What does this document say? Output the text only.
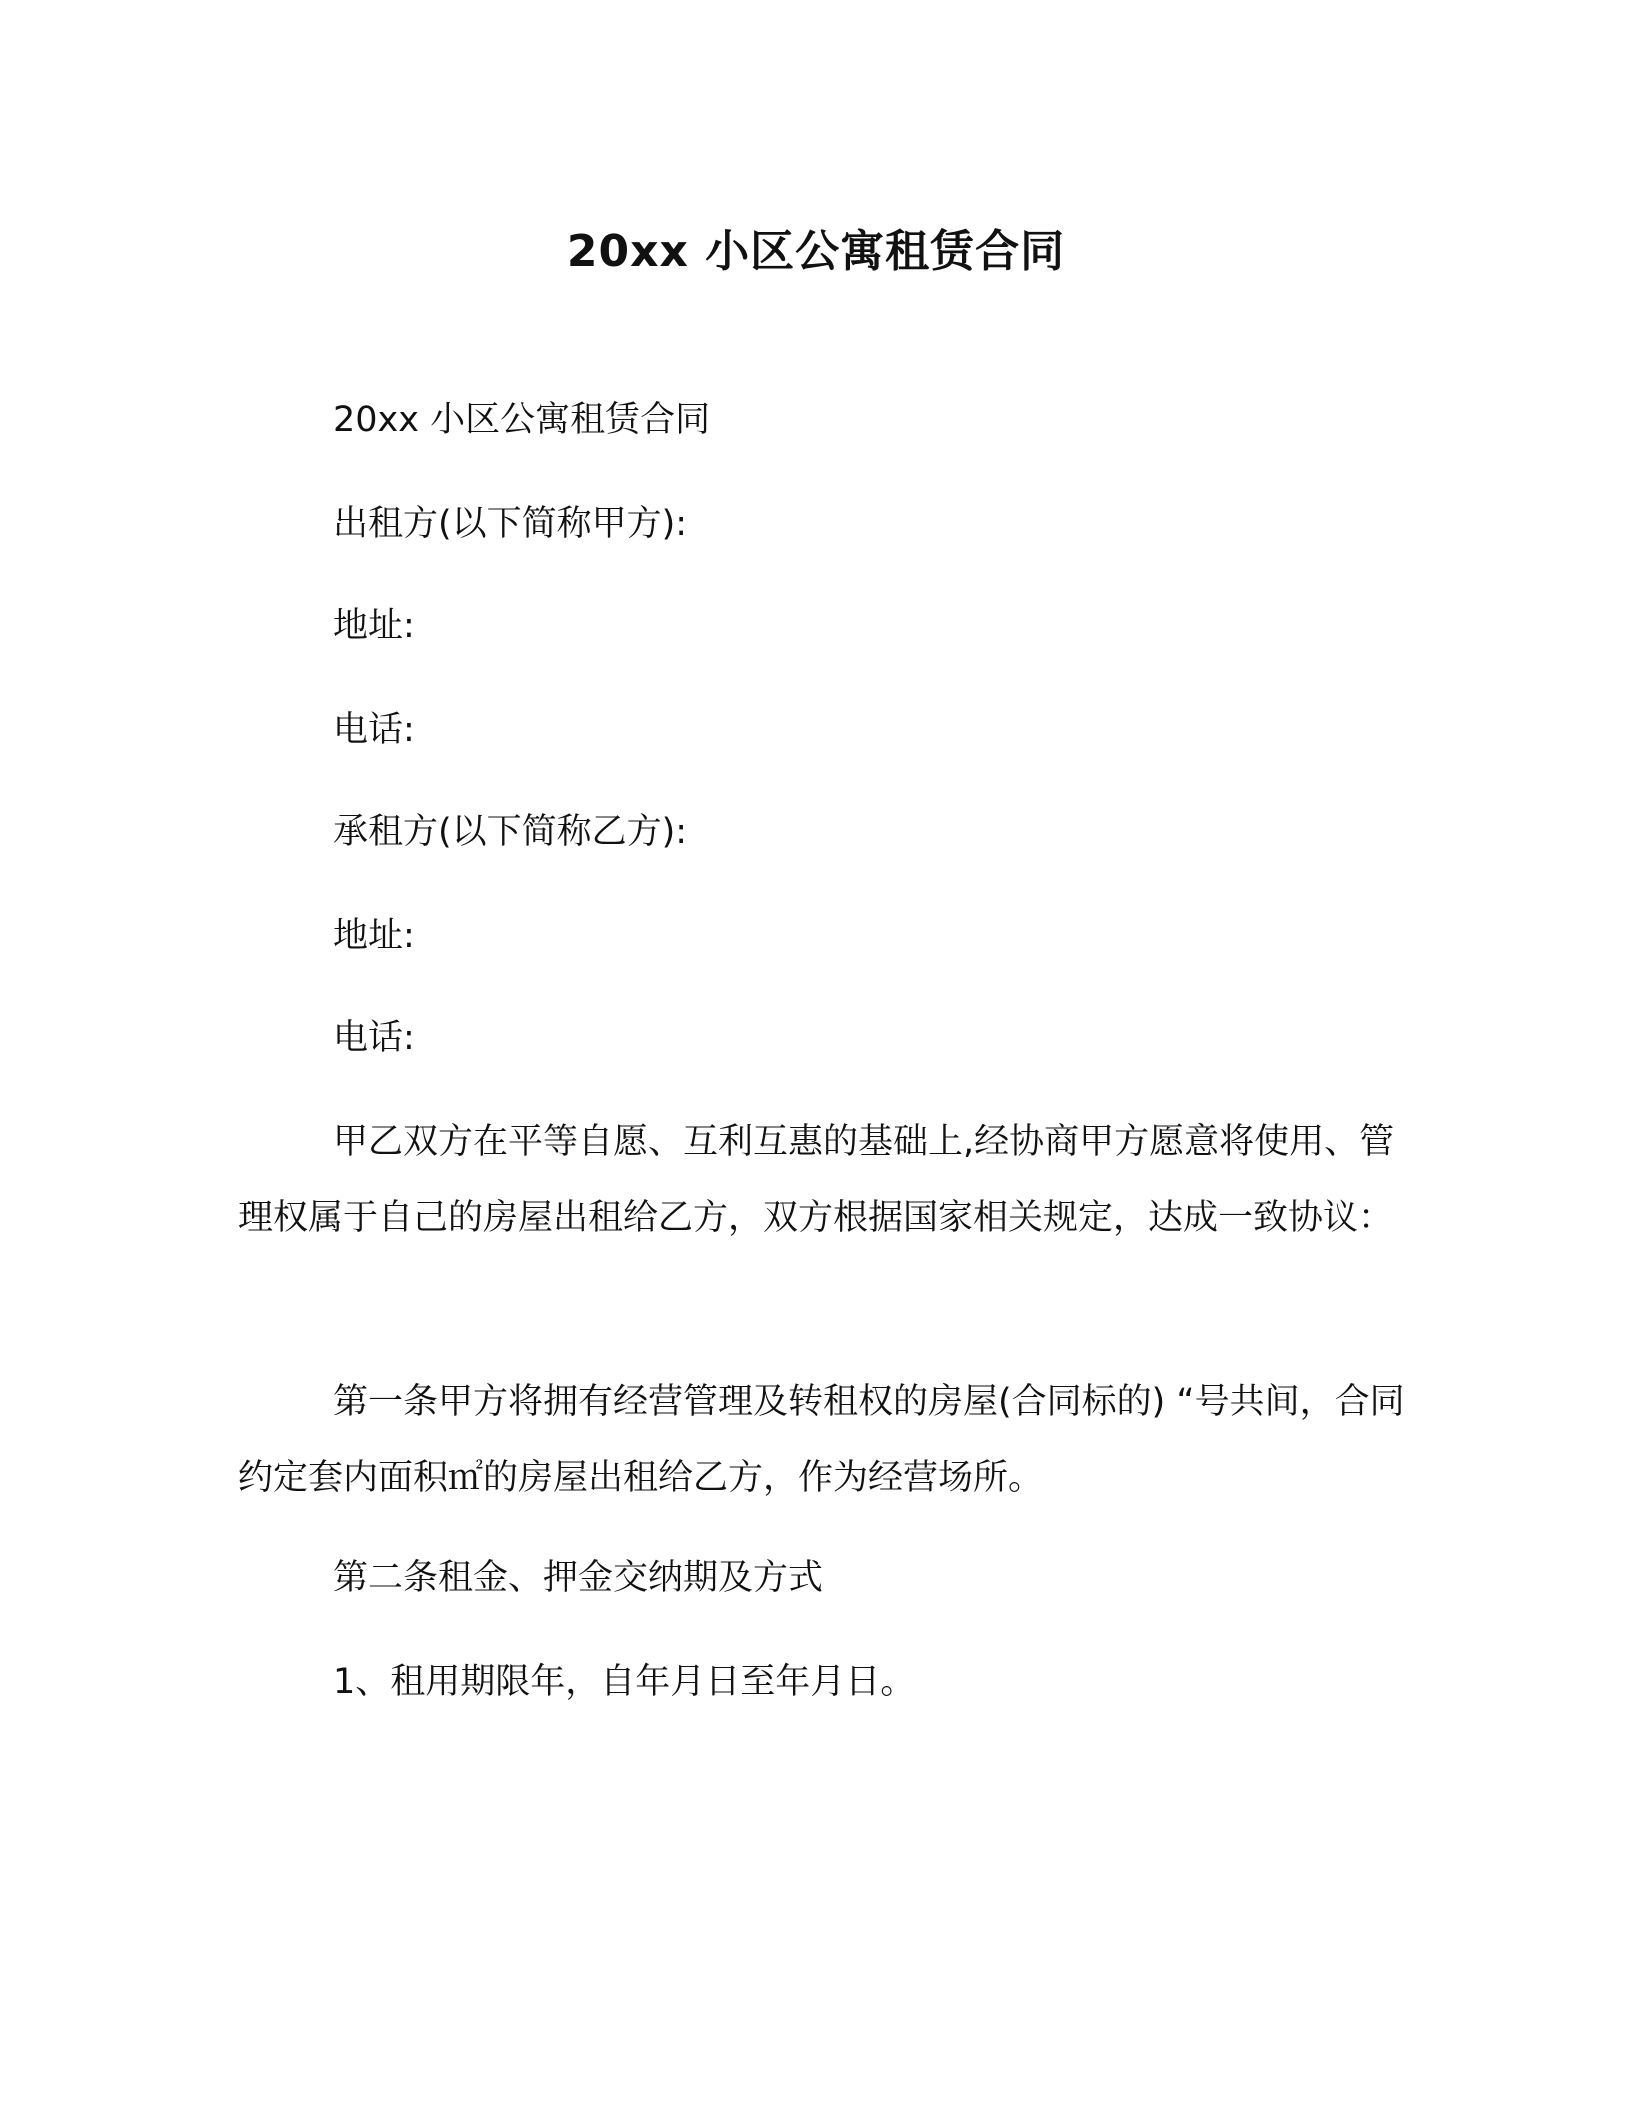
20xx 小区公寓租赁合同
20xx 小区公寓租赁合同
出租方(以下简称甲方):
地址:
电话:
承租方(以下简称乙方):
地址:
电话:

甲乙双方在平等自愿、互利互惠的基础上,经协商甲方愿意将使用、管理权属于自己的房屋出租给乙方，双方根据国家相关规定，达成一致协议：

第一条甲方将拥有经营管理及转租权的房屋(合同标的) “号共间，合同约定套内面积㎡的房屋出租给乙方，作为经营场所。

第二条租金、押金交纳期及方式
1、租用期限年，自年月日至年月日。
